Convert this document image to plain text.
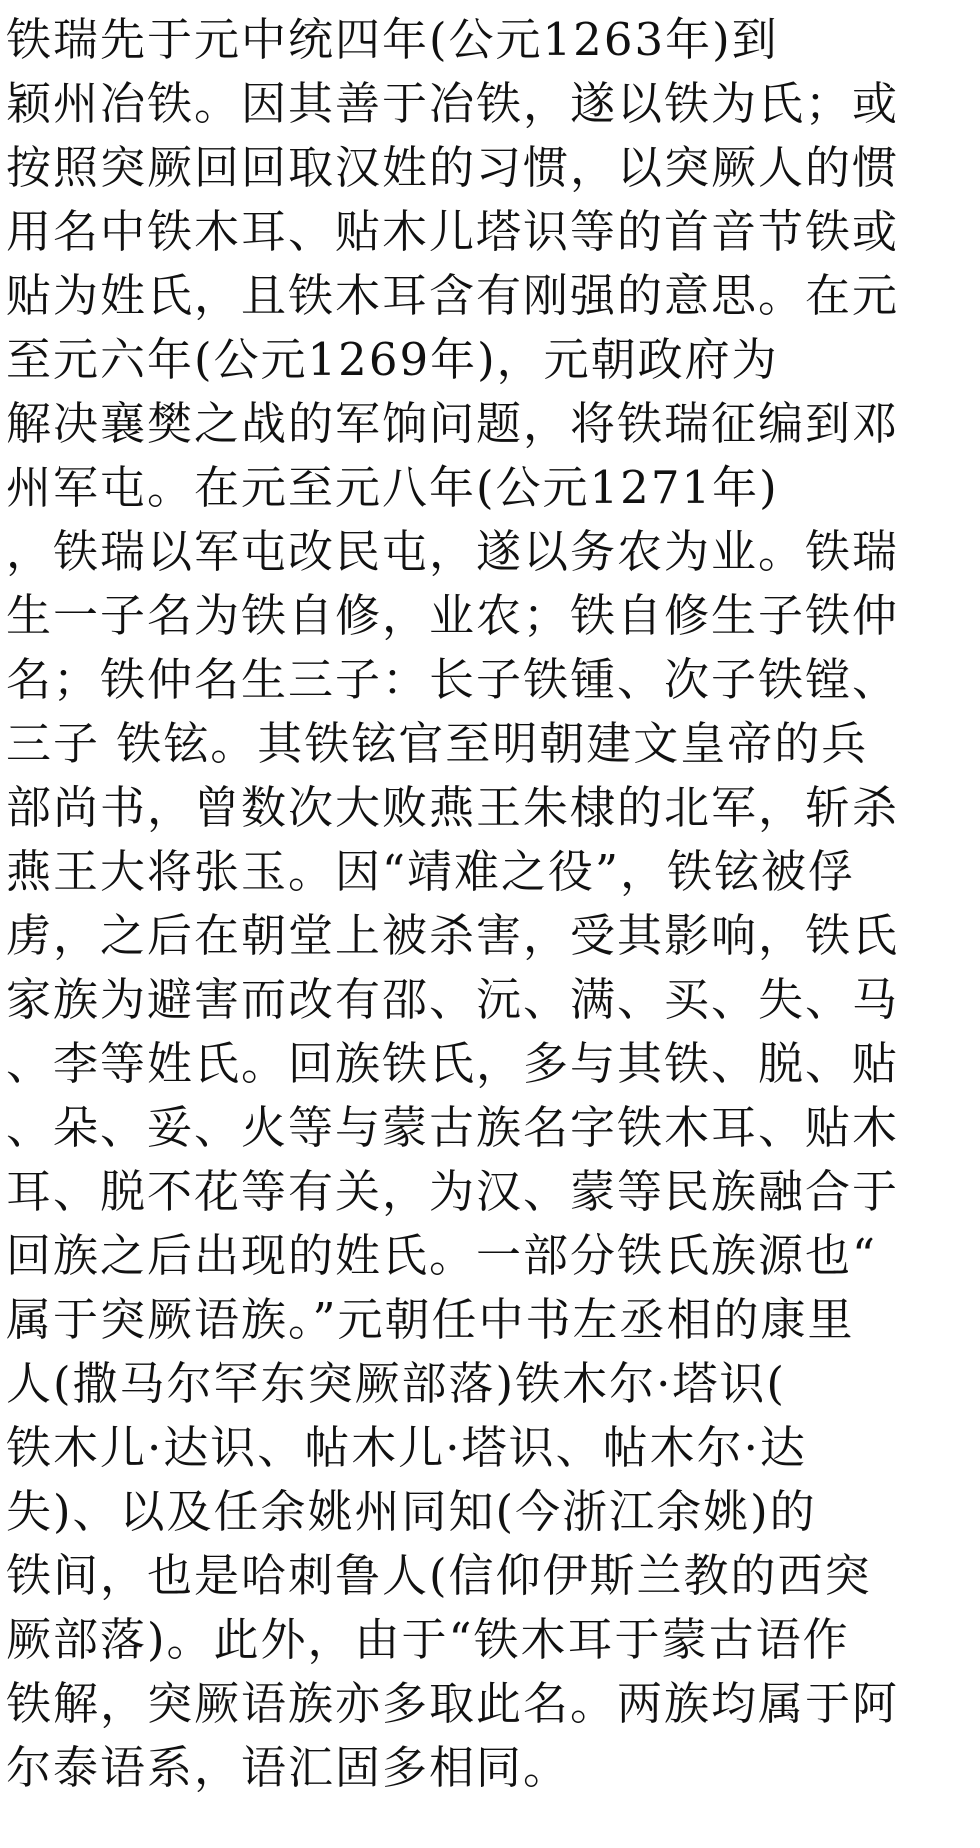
铁瑞先于元中统四年(公元1263年)到
颖州冶铁。因其善于冶铁，遂以铁为氏；或
按照突厥回回取汉姓的习惯，以突厥人的惯
用名中铁木耳、贴木儿塔识等的首音节铁或
贴为姓氏，且铁木耳含有刚强的意思。在元
至元六年(公元1269年)，元朝政府为
解决襄樊之战的军饷问题，将铁瑞征编到邓
州军屯。在元至元八年(公元1271年)
，铁瑞以军屯改民屯，遂以务农为业。铁瑞
生一子名为铁自修，业农；铁自修生子铁仲
名；铁仲名生三子：长子铁锺、次子铁镗、
三子 铁铉。其铁铉官至明朝建文皇帝的兵
部尚书，曾数次大败燕王朱棣的北军，斩杀
燕王大将张玉。因“靖难之役”，铁铉被俘
虏，之后在朝堂上被杀害，受其影响，铁氏
家族为避害而改有邵、沅、满、买、失、马
、李等姓氏。回族铁氏，多与其铁、脱、贴
、朵、妥、火等与蒙古族名字铁木耳、贴木
耳、脱不花等有关，为汉、蒙等民族融合于
回族之后出现的姓氏。一部分铁氏族源也“
属于突厥语族。”元朝任中书左丞相的康里
人(撒马尔罕东突厥部落)铁木尔·塔识(
铁木儿·达识、帖木儿·塔识、帖木尔·达
失)、以及任余姚州同知(今浙江余姚)的
铁间，也是哈刺鲁人(信仰伊斯兰教的西突
厥部落)。此外，由于“铁木耳于蒙古语作
铁解，突厥语族亦多取此名。两族均属于阿
尔泰语系，语汇固多相同。
